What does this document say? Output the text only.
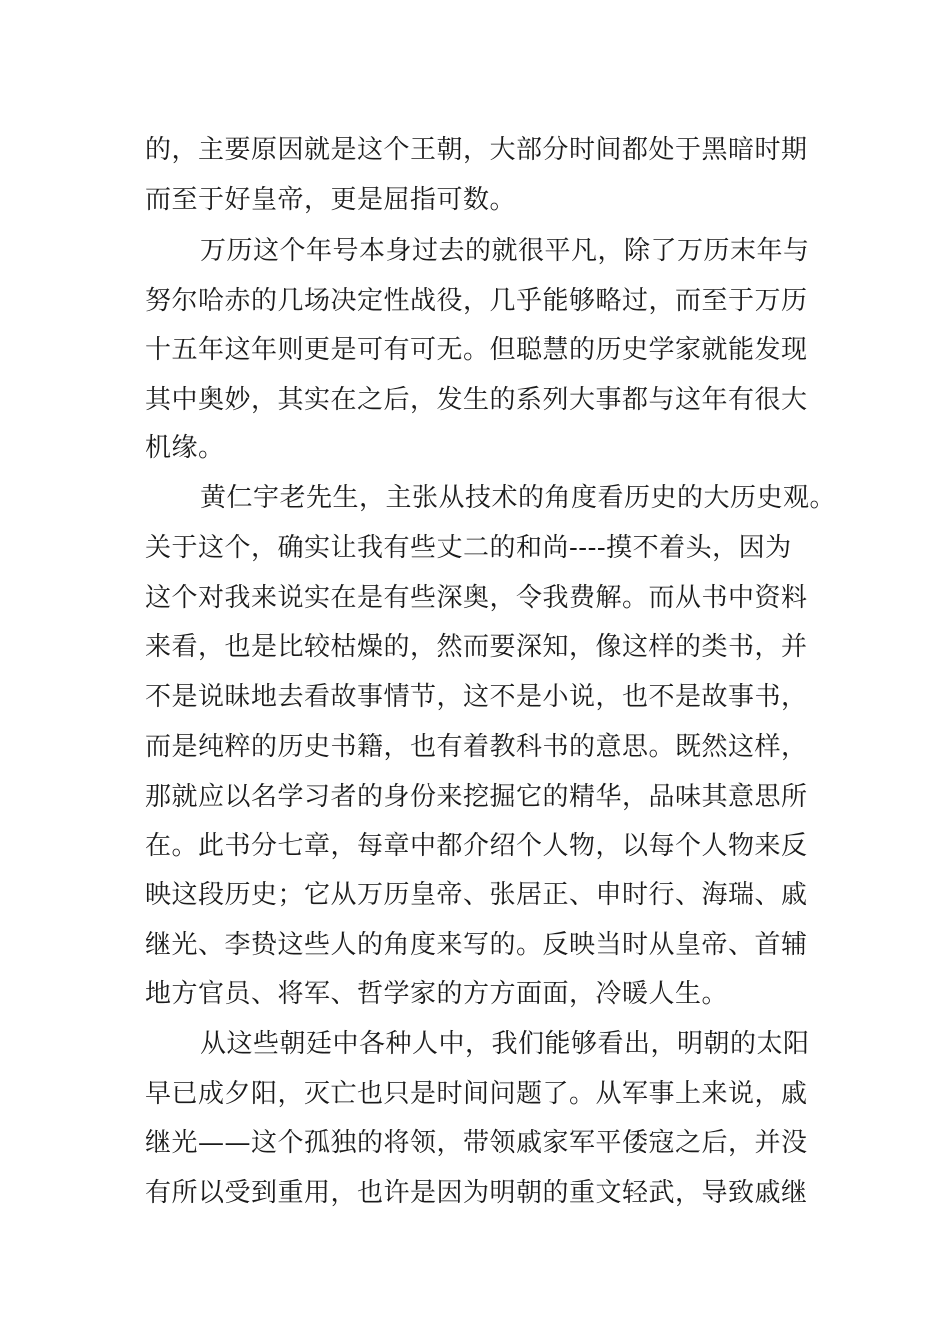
的，主要原因就是这个王朝，大部分时间都处于黑暗时期
而至于好皇帝，更是屈指可数。
万历这个年号本身过去的就很平凡，除了万历末年与
努尔哈赤的几场决定性战役，几乎能够略过，而至于万历
十五年这年则更是可有可无。但聪慧的历史学家就能发现
其中奥妙，其实在之后，发生的系列大事都与这年有很大
机缘。
黄仁宇老先生，主张从技术的角度看历史的大历史观。
关于这个，确实让我有些丈二的和尚----摸不着头，因为
这个对我来说实在是有些深奥，令我费解。而从书中资料
来看，也是比较枯燥的，然而要深知，像这样的类书，并
不是说昧地去看故事情节，这不是小说，也不是故事书，
而是纯粹的历史书籍，也有着教科书的意思。既然这样，
那就应以名学习者的身份来挖掘它的精华，品味其意思所
在。此书分七章，每章中都介绍个人物，以每个人物来反
映这段历史；它从万历皇帝、张居正、申时行、海瑞、戚
继光、李贽这些人的角度来写的。反映当时从皇帝、首辅
地方官员、将军、哲学家的方方面面，冷暖人生。
从这些朝廷中各种人中，我们能够看出，明朝的太阳
早已成夕阳，灭亡也只是时间问题了。从军事上来说，戚
继光——这个孤独的将领，带领戚家军平倭寇之后，并没
有所以受到重用，也许是因为明朝的重文轻武，导致戚继
